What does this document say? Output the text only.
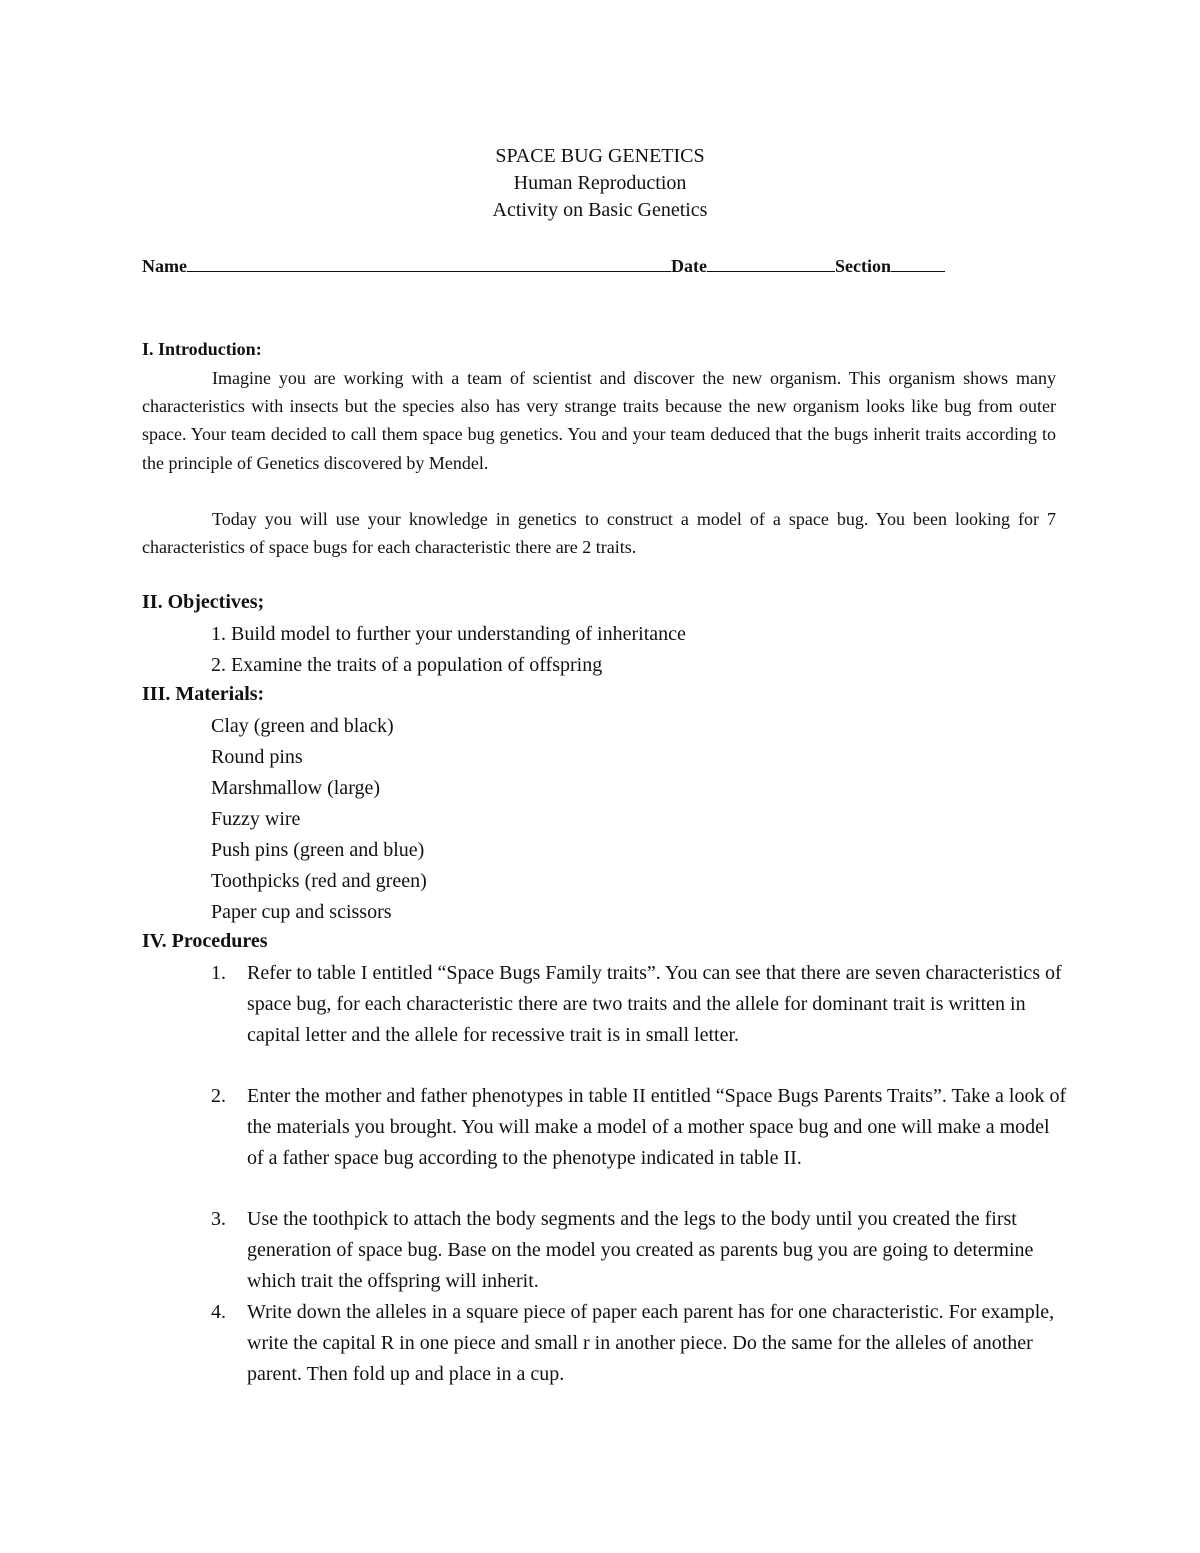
SPACE BUG GENETICS
Human Reproduction
Activity on Basic Genetics
Name	Date	Section
I. Introduction:

Imagine you are working with a team of scientist and discover the new organism. This organism shows many characteristics with insects but the species also has very strange traits because the new organism looks like bug from outer space. Your team decided to call them space bug genetics. You and your team deduced that the bugs inherit traits according to the principle of Genetics discovered by Mendel.

Today you will use your knowledge in genetics to construct a model of a space bug. You been looking for 7 characteristics of space bugs for each characteristic there are 2 traits.

II. Objectives;
1. Build model to further your understanding of inheritance
2. Examine the traits of a population of offspring
III. Materials:
Clay (green and black)
Round pins
Marshmallow (large)
Fuzzy wire
Push pins (green and blue)
Toothpicks (red and green)
Paper cup and scissors
IV. Procedures
1. Refer to table I entitled “Space Bugs Family traits”. You can see that there are seven characteristics of space bug, for each characteristic there are two traits and the allele for dominant trait is written in capital letter and the allele for recessive trait is in small letter.
2. Enter the mother and father phenotypes in table II entitled “Space Bugs Parents Traits”. Take a look of the materials you brought. You will make a model of a mother space bug and one will make a model of a father space bug according to the phenotype indicated in table II.
3. Use the toothpick to attach the body segments and the legs to the body until you created the first generation of space bug. Base on the model you created as parents bug you are going to determine which trait the offspring will inherit.
4. Write down the alleles in a square piece of paper each parent has for one characteristic. For example, write the capital R in one piece and small r in another piece. Do the same for the alleles of another parent. Then fold up and place in a cup.
